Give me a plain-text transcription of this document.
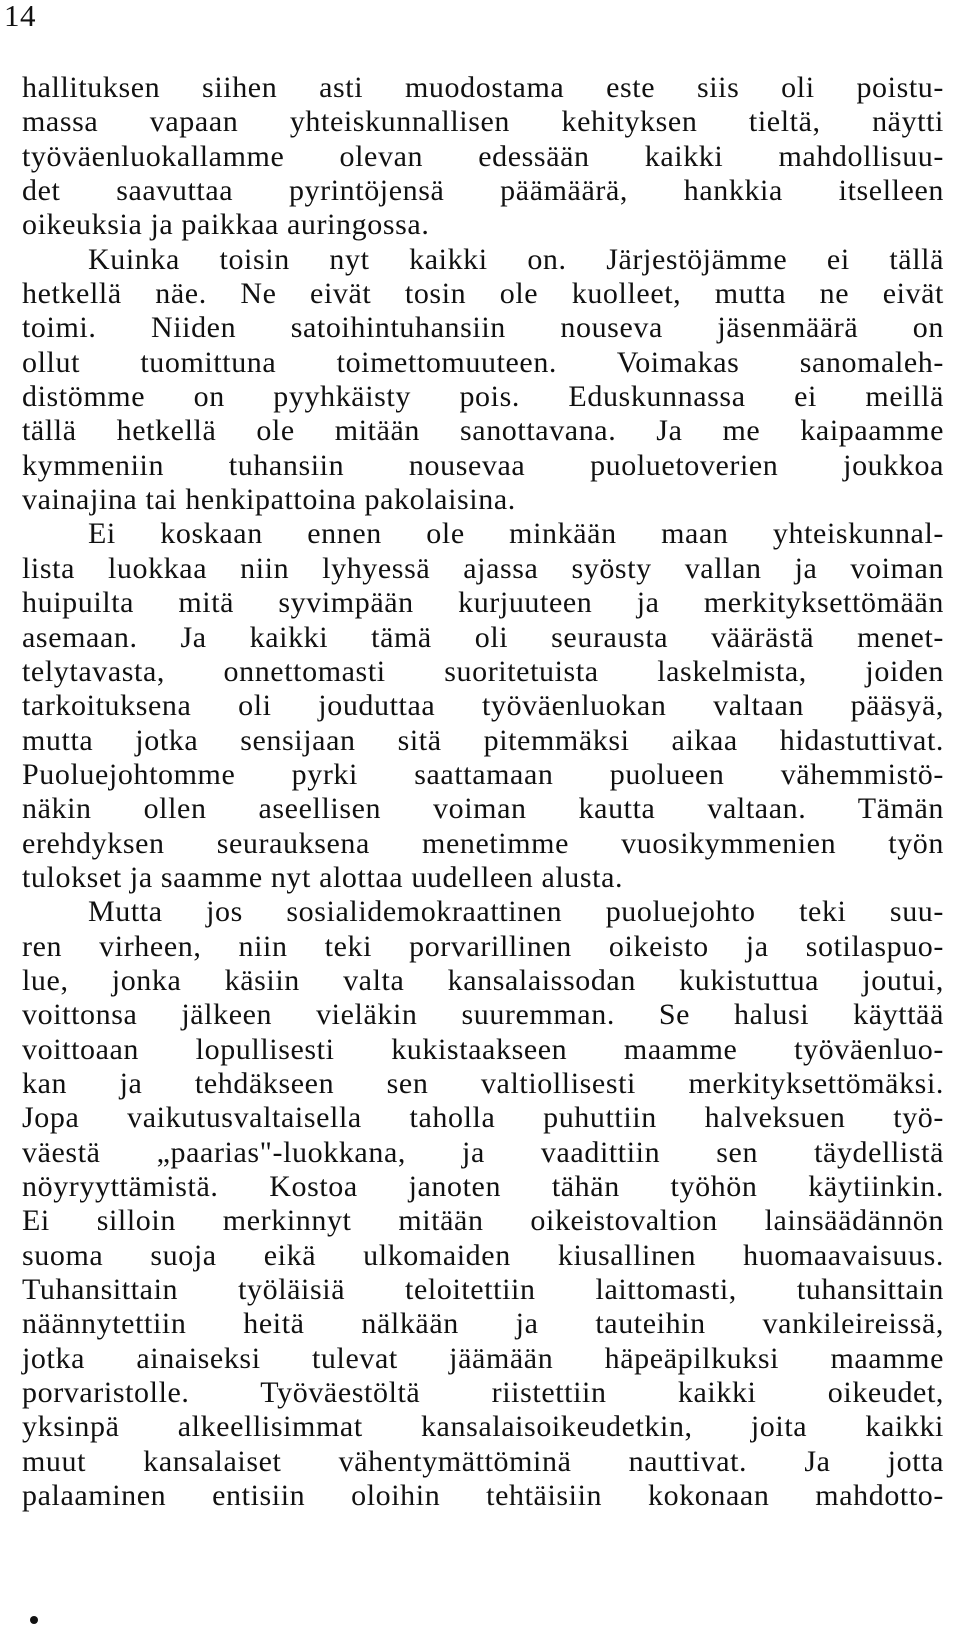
14
hallituksen siihen asti muodostama este siis oli poistu-
massa vapaan yhteiskunnallisen kehityksen tieltä, näytti
työväenluokallamme olevan edessään kaikki mahdollisuu-
det saavuttaa pyrintöjensä päämäärä, hankkia itselleen
oikeuksia ja paikkaa auringossa.
Kuinka toisin nyt kaikki on. Järjestöjämme ei tällä
hetkellä näe. Ne eivät tosin ole kuolleet, mutta ne eivät
toimi. Niiden satoihintuhansiin nouseva jäsenmäärä on
ollut tuomittuna toimettomuuteen. Voimakas sanomaleh-
distömme on pyyhkäisty pois. Eduskunnassa ei meillä
tällä hetkellä ole mitään sanottavana. Ja me kaipaamme
kymmeniin tuhansiin nousevaa puoluetoverien joukkoa
vainajina tai henkipattoina pakolaisina.
Ei koskaan ennen ole minkään maan yhteiskunnal-
lista luokkaa niin lyhyessä ajassa syösty vallan ja voiman
huipuilta mitä syvimpään kurjuuteen ja merkityksettömään
asemaan. Ja kaikki tämä oli seurausta väärästä menet-
telytavasta, onnettomasti suoritetuista laskelmista, joiden
tarkoituksena oli jouduttaa työväenluokan valtaan pääsyä,
mutta jotka sensijaan sitä pitemmäksi aikaa hidastuttivat.
Puoluejohtomme pyrki saattamaan puolueen vähemmistö-
näkin ollen aseellisen voiman kautta valtaan. Tämän
erehdyksen seurauksena menetimme vuosikymmenien työn
tulokset ja saamme nyt alottaa uudelleen alusta.
Mutta jos sosialidemokraattinen puoluejohto teki suu-
ren virheen, niin teki porvarillinen oikeisto ja sotilaspuo-
lue, jonka käsiin valta kansalaissodan kukistuttua joutui,
voittonsa jälkeen vieläkin suuremman. Se halusi käyttää
voittoaan lopullisesti kukistaakseen maamme työväenluo-
kan ja tehdäkseen sen valtiollisesti merkityksettömäksi.
Jopa vaikutusvaltaisella taholla puhuttiin halveksuen työ-
väestä „paarias"-luokkana, ja vaadittiin sen täydellistä
nöyryyttämistä. Kostoa janoten tähän työhön käytiinkin.
Ei silloin merkinnyt mitään oikeistovaltion lainsäädännön
suoma suoja eikä ulkomaiden kiusallinen huomaavaisuus.
Tuhansittain työläisiä teloitettiin laittomasti, tuhansittain
näännytettiin heitä nälkään ja tauteihin vankileireissä,
jotka ainaiseksi tulevat jäämään häpeäpilkuksi maamme
porvaristolle. Työväestöltä riistettiin kaikki oikeudet,
yksinpä alkeellisimmat kansalaisoikeudetkin, joita kaikki
muut kansalaiset vähentymättöminä nauttivat. Ja jotta
palaaminen entisiin oloihin tehtäisiin kokonaan mahdotto-
